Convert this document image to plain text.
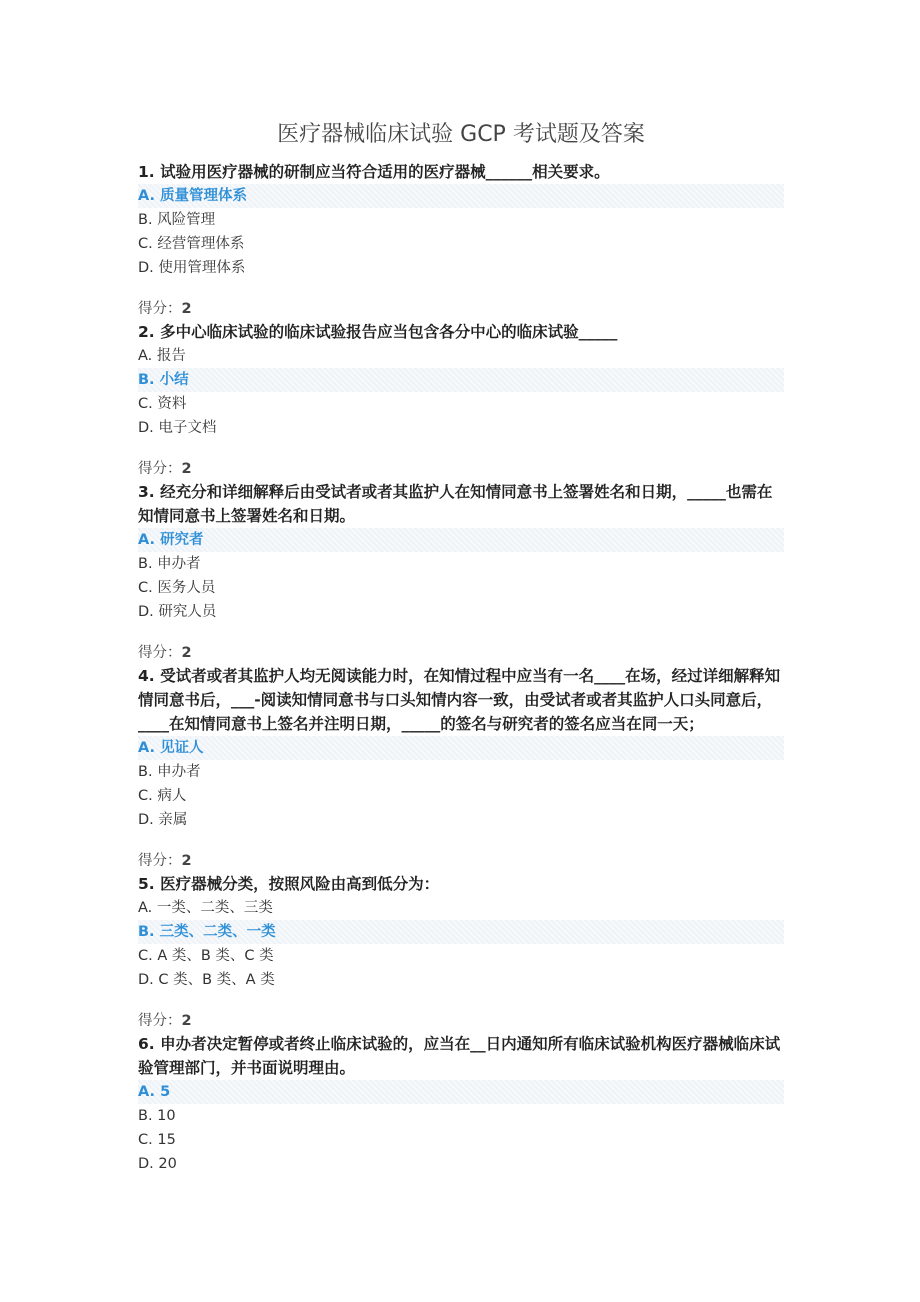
医疗器械临床试验 GCP 考试题及答案
1. 试验用医疗器械的研制应当符合适用的医疗器械______相关要求。
A. 质量管理体系
B. 风险管理
C. 经营管理体系
D. 使用管理体系
得分：2
2. 多中心临床试验的临床试验报告应当包含各分中心的临床试验_____
A. 报告
B. 小结
C. 资料
D. 电子文档
得分：2
3. 经充分和详细解释后由受试者或者其监护人在知情同意书上签署姓名和日期，_____也需在知情同意书上签署姓名和日期。
A. 研究者
B. 申办者
C. 医务人员
D. 研究人员
得分：2
4. 受试者或者其监护人均无阅读能力时，在知情过程中应当有一名____在场，经过详细解释知情同意书后，___-阅读知情同意书与口头知情内容一致，由受试者或者其监护人口头同意后，____在知情同意书上签名并注明日期，_____的签名与研究者的签名应当在同一天；
A. 见证人
B. 申办者
C. 病人
D. 亲属
得分：2
5. 医疗器械分类，按照风险由高到低分为：
A. 一类、二类、三类
B. 三类、二类、一类
C. A 类、B 类、C 类
D. C 类、B 类、A 类
得分：2
6. 申办者决定暂停或者终止临床试验的，应当在__日内通知所有临床试验机构医疗器械临床试验管理部门，并书面说明理由。
A. 5
B. 10
C. 15
D. 20
